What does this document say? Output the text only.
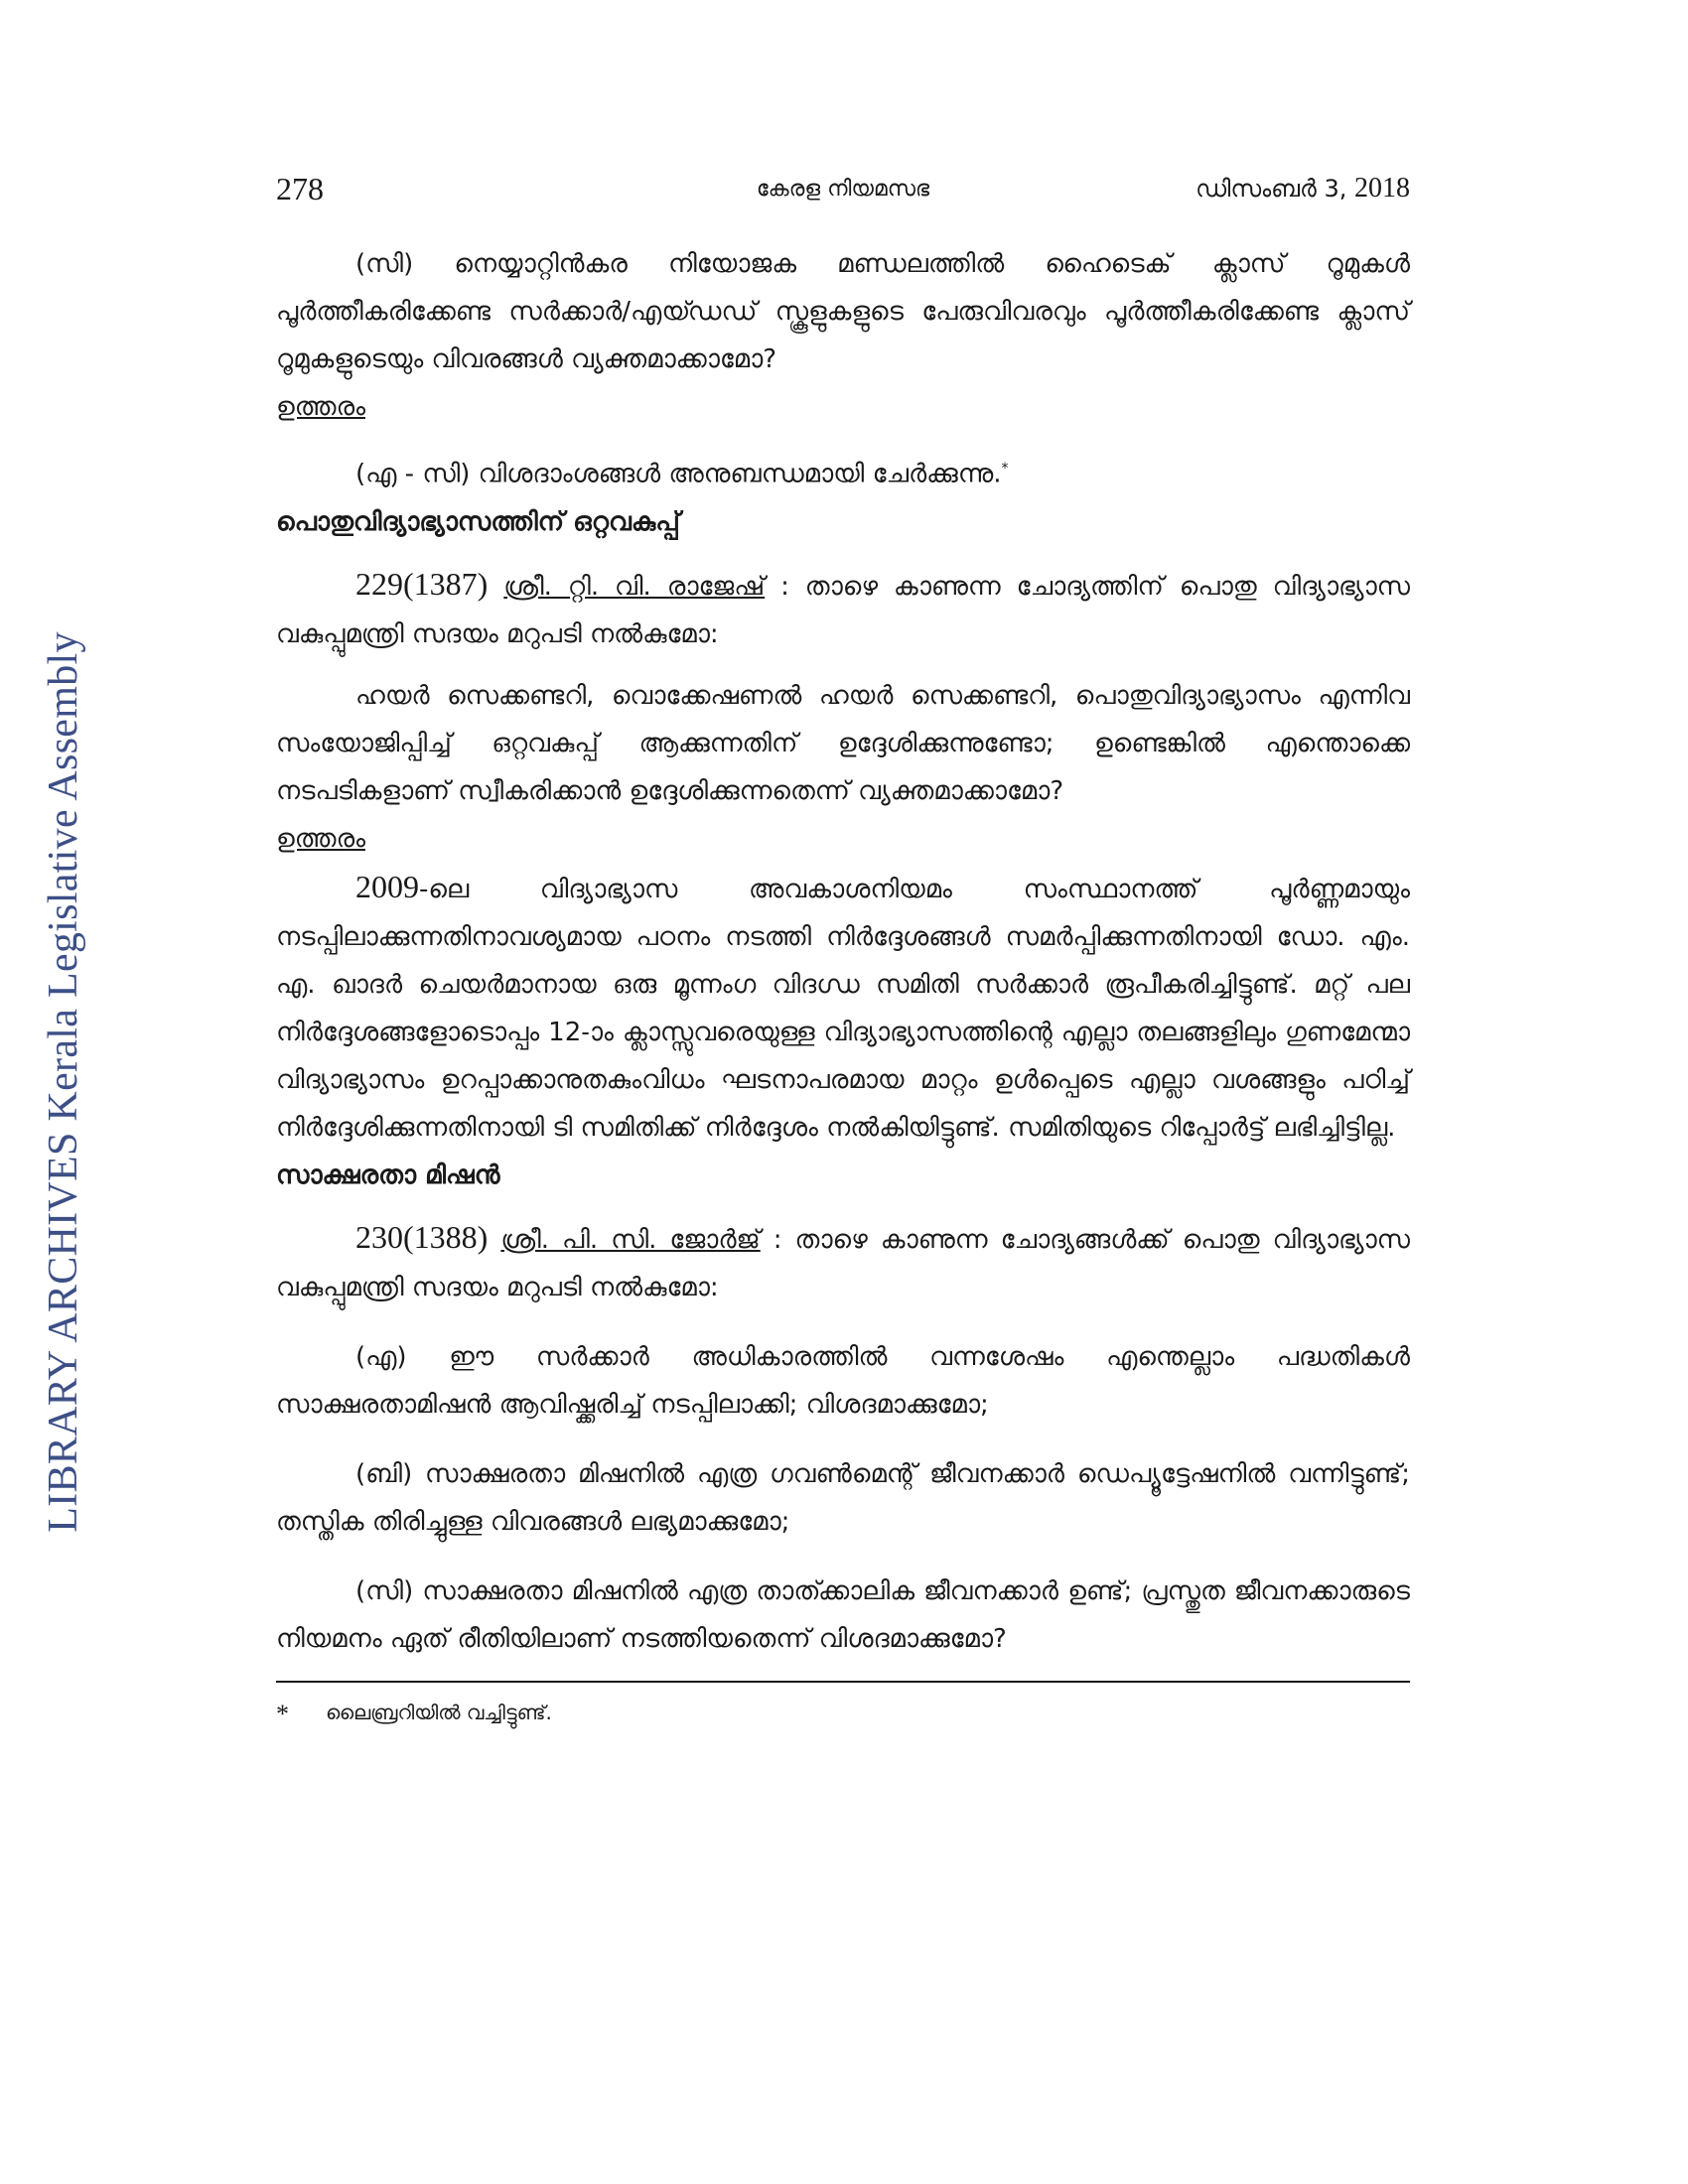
LIBRARY ARCHIVES Kerala Legislative Assembly
278	കേരള നിയമസഭ	ഡിസംബർ 3, 2018

(സി) നെയ്യാറ്റിൻകര നിയോജക മണ്ഡലത്തിൽ ഹൈടെക് ക്ലാസ് റൂമുകൾ പൂർത്തീകരിക്കേണ്ട സർക്കാർ/എയ്ഡഡ് സ്കൂളുകളുടെ പേരുവിവരവും പൂർത്തീകരിക്കേണ്ട ക്ലാസ് റൂമുകളുടെയും വിവരങ്ങൾ വ്യക്തമാക്കാമോ?

ഉത്തരം

(എ - സി) വിശദാംശങ്ങൾ അനുബന്ധമായി ചേർക്കുന്നു.*

പൊതുവിദ്യാഭ്യാസത്തിന് ഒറ്റവകുപ്പ്

229(1387) ശ്രീ. റ്റി. വി. രാജേഷ് : താഴെ കാണുന്ന ചോദ്യത്തിന് പൊതു വിദ്യാഭ്യാസ വകുപ്പുമന്ത്രി സദയം മറുപടി നൽകുമോ:

ഹയർ സെക്കണ്ടറി, വൊക്കേഷണൽ ഹയർ സെക്കണ്ടറി, പൊതുവിദ്യാഭ്യാസം എന്നിവ സംയോജിപ്പിച്ച് ഒറ്റവകുപ്പ് ആക്കുന്നതിന് ഉദ്ദേശിക്കുന്നുണ്ടോ; ഉണ്ടെങ്കിൽ എന്തൊക്കെ നടപടികളാണ് സ്വീകരിക്കാൻ ഉദ്ദേശിക്കുന്നതെന്ന് വ്യക്തമാക്കാമോ?

ഉത്തരം

2009-ലെ വിദ്യാഭ്യാസ അവകാശനിയമം സംസ്ഥാനത്ത് പൂർണ്ണമായും നടപ്പിലാക്കുന്നതിനാവശ്യമായ പഠനം നടത്തി നിർദ്ദേശങ്ങൾ സമർപ്പിക്കുന്നതിനായി ഡോ. എം. എ. ഖാദർ ചെയർമാനായ ഒരു മൂന്നംഗ വിദഗ്ധ സമിതി സർക്കാർ രൂപീകരിച്ചിട്ടുണ്ട്. മറ്റ് പല നിർദ്ദേശങ്ങളോടൊപ്പം 12-ാം ക്ലാസ്സുവരെയുള്ള വിദ്യാഭ്യാസത്തിന്റെ എല്ലാ തലങ്ങളിലും ഗുണമേന്മാ വിദ്യാഭ്യാസം ഉറപ്പാക്കാനുതകുംവിധം ഘടനാപരമായ മാറ്റം ഉൾപ്പെടെ എല്ലാ വശങ്ങളും പഠിച്ച് നിർദ്ദേശിക്കുന്നതിനായി ടി സമിതിക്ക് നിർദ്ദേശം നൽകിയിട്ടുണ്ട്. സമിതിയുടെ റിപ്പോർട്ട് ലഭിച്ചിട്ടില്ല.

സാക്ഷരതാ മിഷൻ

230(1388) ശ്രീ. പി. സി. ജോർജ് : താഴെ കാണുന്ന ചോദ്യങ്ങൾക്ക് പൊതു വിദ്യാഭ്യാസ വകുപ്പുമന്ത്രി സദയം മറുപടി നൽകുമോ:

(എ) ഈ സർക്കാർ അധികാരത്തിൽ വന്നശേഷം എന്തെല്ലാം പദ്ധതികൾ സാക്ഷരതാമിഷൻ ആവിഷ്ക്കരിച്ച് നടപ്പിലാക്കി; വിശദമാക്കുമോ;

(ബി) സാക്ഷരതാ മിഷനിൽ എത്ര ഗവൺമെന്റ് ജീവനക്കാർ ഡെപ്യൂട്ടേഷനിൽ വന്നിട്ടുണ്ട്; തസ്തിക തിരിച്ചുള്ള വിവരങ്ങൾ ലഭ്യമാക്കുമോ;

(സി) സാക്ഷരതാ മിഷനിൽ എത്ര താത്ക്കാലിക ജീവനക്കാർ ഉണ്ട്; പ്രസ്തുത ജീവനക്കാരുടെ നിയമനം ഏത് രീതിയിലാണ് നടത്തിയതെന്ന് വിശദമാക്കുമോ?

* ലൈബ്രറിയിൽ വച്ചിട്ടുണ്ട്.
